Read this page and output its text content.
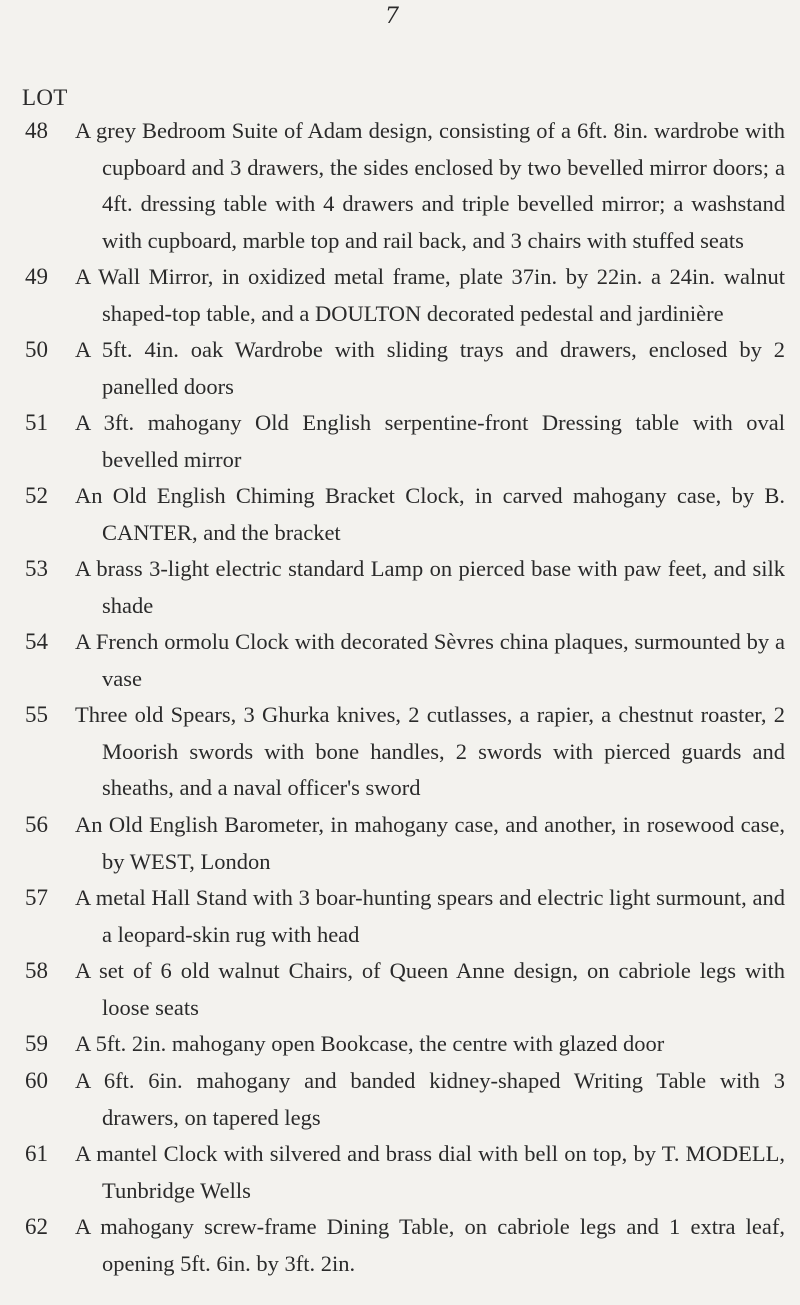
7
LOT
48 A grey Bedroom Suite of Adam design, consisting of a 6ft. 8in. wardrobe with cupboard and 3 drawers, the sides enclosed by two bevelled mirror doors; a 4ft. dressing table with 4 drawers and triple bevelled mirror; a washstand with cupboard, marble top and rail back, and 3 chairs with stuffed seats

49 A Wall Mirror, in oxidized metal frame, plate 37in. by 22in. a 24in. walnut shaped-top table, and a DOULTON decorated pedestal and jardinière

50 A 5ft. 4in. oak Wardrobe with sliding trays and drawers, enclosed by 2 panelled doors

51 A 3ft. mahogany Old English serpentine-front Dressing table with oval bevelled mirror

52 An Old English Chiming Bracket Clock, in carved mahogany case, by B. CANTER, and the bracket

53 A brass 3-light electric standard Lamp on pierced base with paw feet, and silk shade

54 A French ormolu Clock with decorated Sèvres china plaques, surmounted by a vase

55 Three old Spears, 3 Ghurka knives, 2 cutlasses, a rapier, a chestnut roaster, 2 Moorish swords with bone handles, 2 swords with pierced guards and sheaths, and a naval officer's sword

56 An Old English Barometer, in mahogany case, and another, in rosewood case, by WEST, London

57 A metal Hall Stand with 3 boar-hunting spears and electric light surmount, and a leopard-skin rug with head

58 A set of 6 old walnut Chairs, of Queen Anne design, on cabriole legs with loose seats

59 A 5ft. 2in. mahogany open Bookcase, the centre with glazed door

60 A 6ft. 6in. mahogany and banded kidney-shaped Writing Table with 3 drawers, on tapered legs

61 A mantel Clock with silvered and brass dial with bell on top, by T. MODELL, Tunbridge Wells

62 A mahogany screw-frame Dining Table, on cabriole legs and 1 extra leaf, opening 5ft. 6in. by 3ft. 2in.
